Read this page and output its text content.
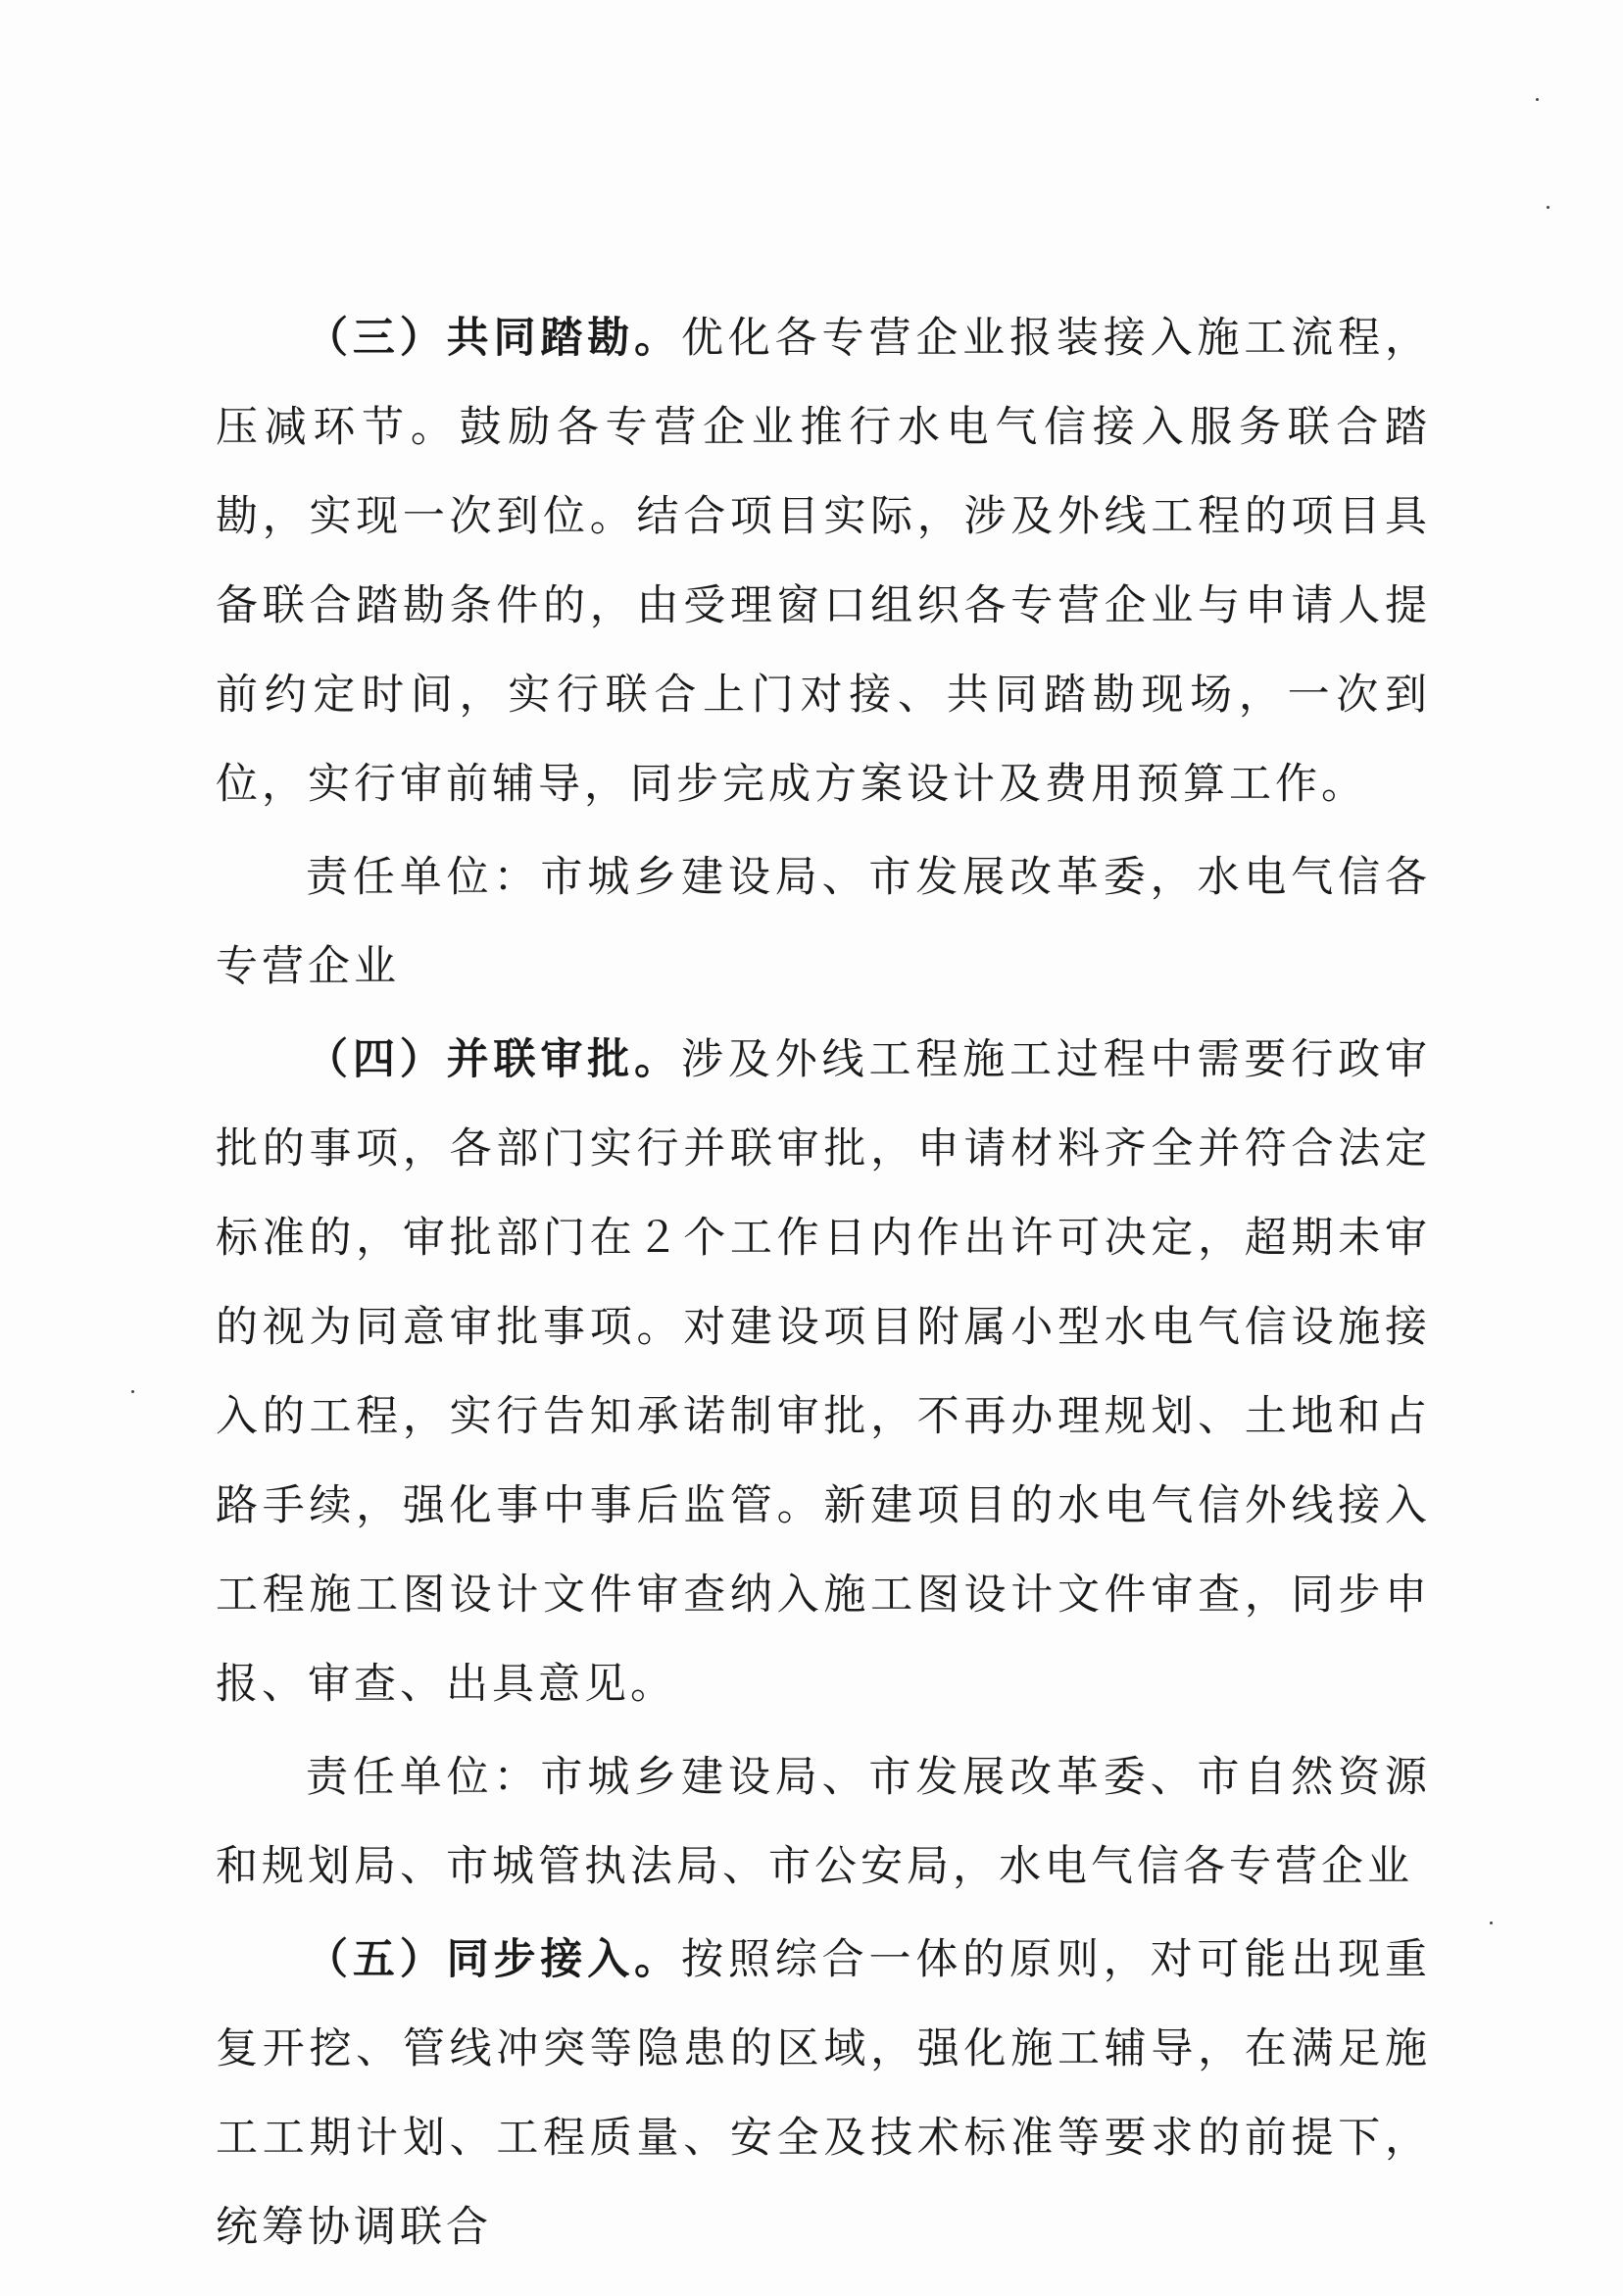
（三）共同踏勘。优化各专营企业报装接入施工流程，压减环节。鼓励各专营企业推行水电气信接入服务联合踏勘，实现一次到位。结合项目实际，涉及外线工程的项目具备联合踏勘条件的，由受理窗口组织各专营企业与申请人提前约定时间，实行联合上门对接、共同踏勘现场，一次到位，实行审前辅导，同步完成方案设计及费用预算工作。

责任单位：市城乡建设局、市发展改革委，水电气信各专营企业

（四）并联审批。涉及外线工程施工过程中需要行政审批的事项，各部门实行并联审批，申请材料齐全并符合法定标准的，审批部门在２个工作日内作出许可决定，超期未审的视为同意审批事项。对建设项目附属小型水电气信设施接入的工程，实行告知承诺制审批，不再办理规划、土地和占路手续，强化事中事后监管。新建项目的水电气信外线接入工程施工图设计文件审查纳入施工图设计文件审查，同步申报、审查、出具意见。

责任单位：市城乡建设局、市发展改革委、市自然资源和规划局、市城管执法局、市公安局，水电气信各专营企业

（五）同步接入。按照综合一体的原则，对可能出现重复开挖、管线冲突等隐患的区域，强化施工辅导，在满足施工工期计划、工程质量、安全及技术标准等要求的前提下，统筹协调联合
